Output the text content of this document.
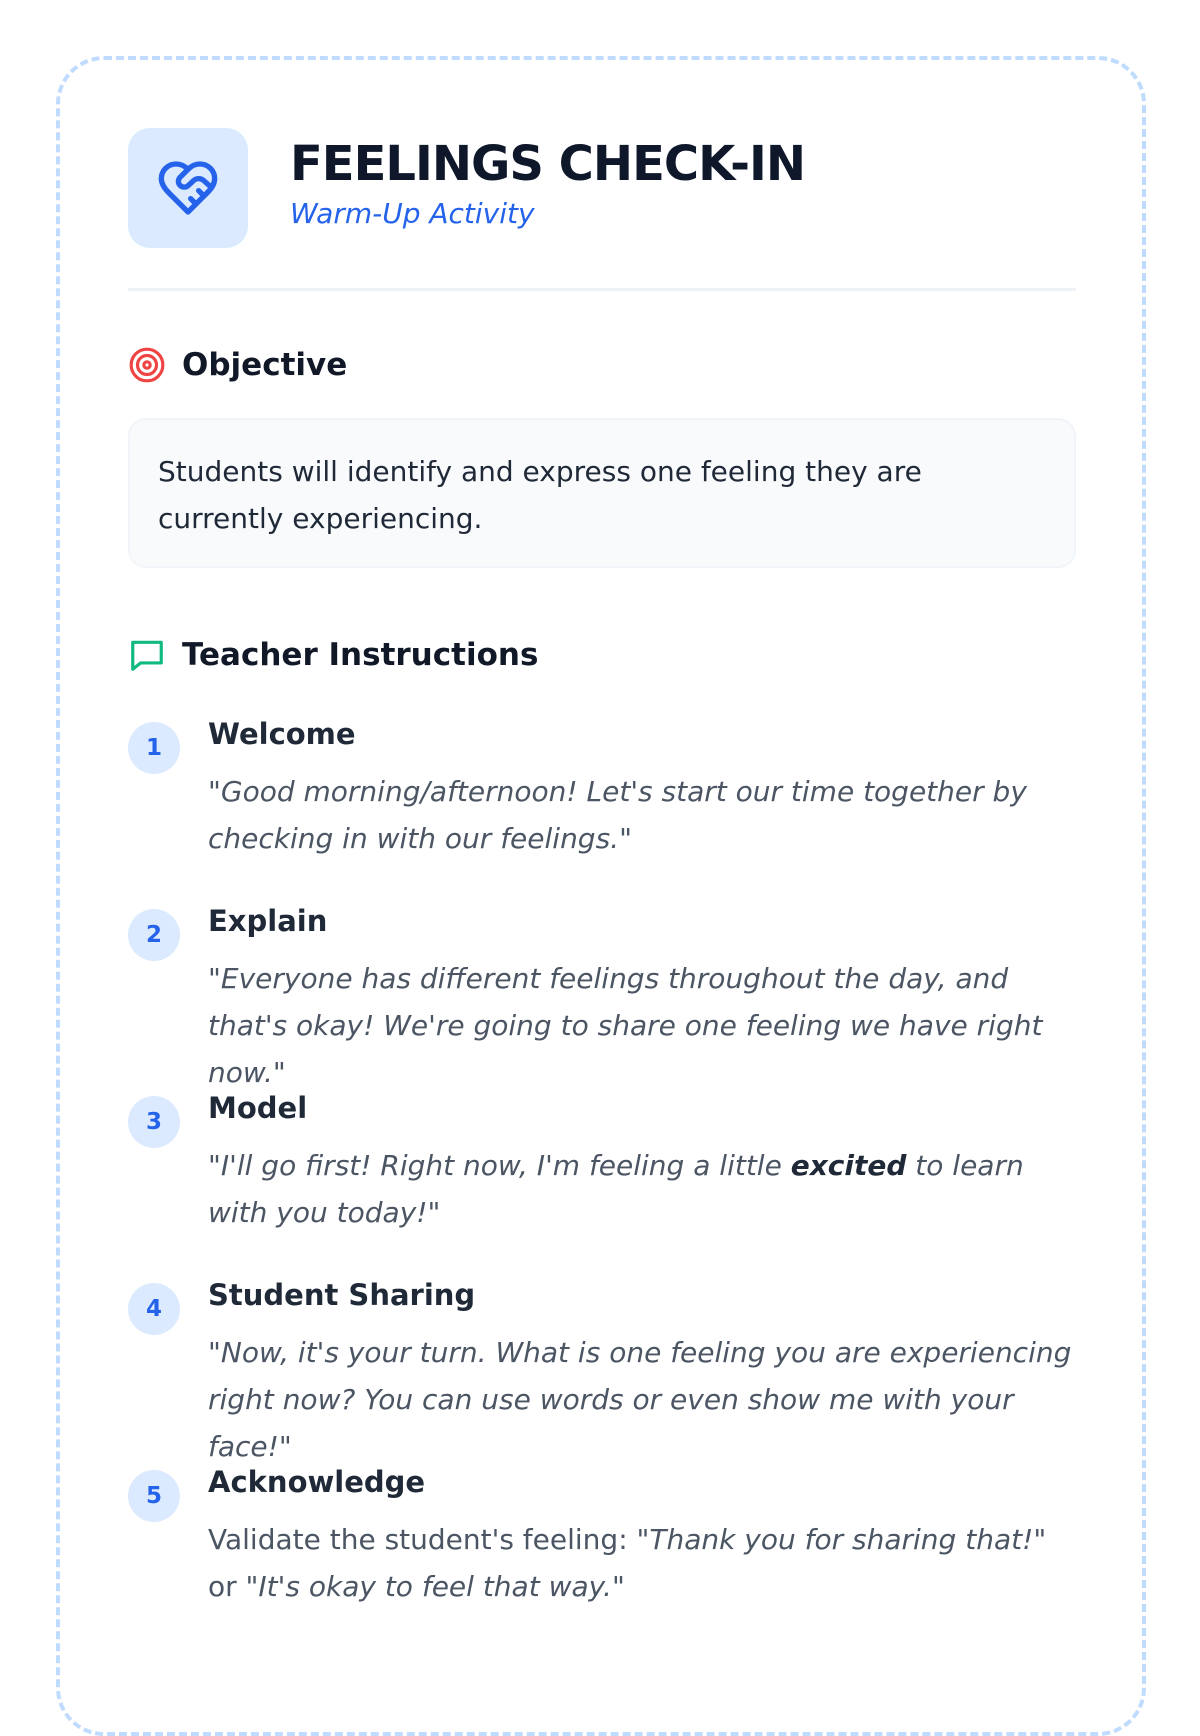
FEELINGS CHECK-IN
Warm-Up Activity
Objective
Students will identify and express one feeling they are currently experiencing.
Teacher Instructions
1	Welcome
"Good morning/afternoon! Let's start our time together by checking in with our feelings."
2	Explain
"Everyone has different feelings throughout the day, and that's okay! We're going to share one feeling we have right now."
3	Model
"I'll go first! Right now, I'm feeling a little excited to learn with you today!"
4	Student Sharing
"Now, it's your turn. What is one feeling you are experiencing right now? You can use words or even show me with your face!"
5	Acknowledge
Validate the student's feeling: "Thank you for sharing that!" or "It's okay to feel that way."
